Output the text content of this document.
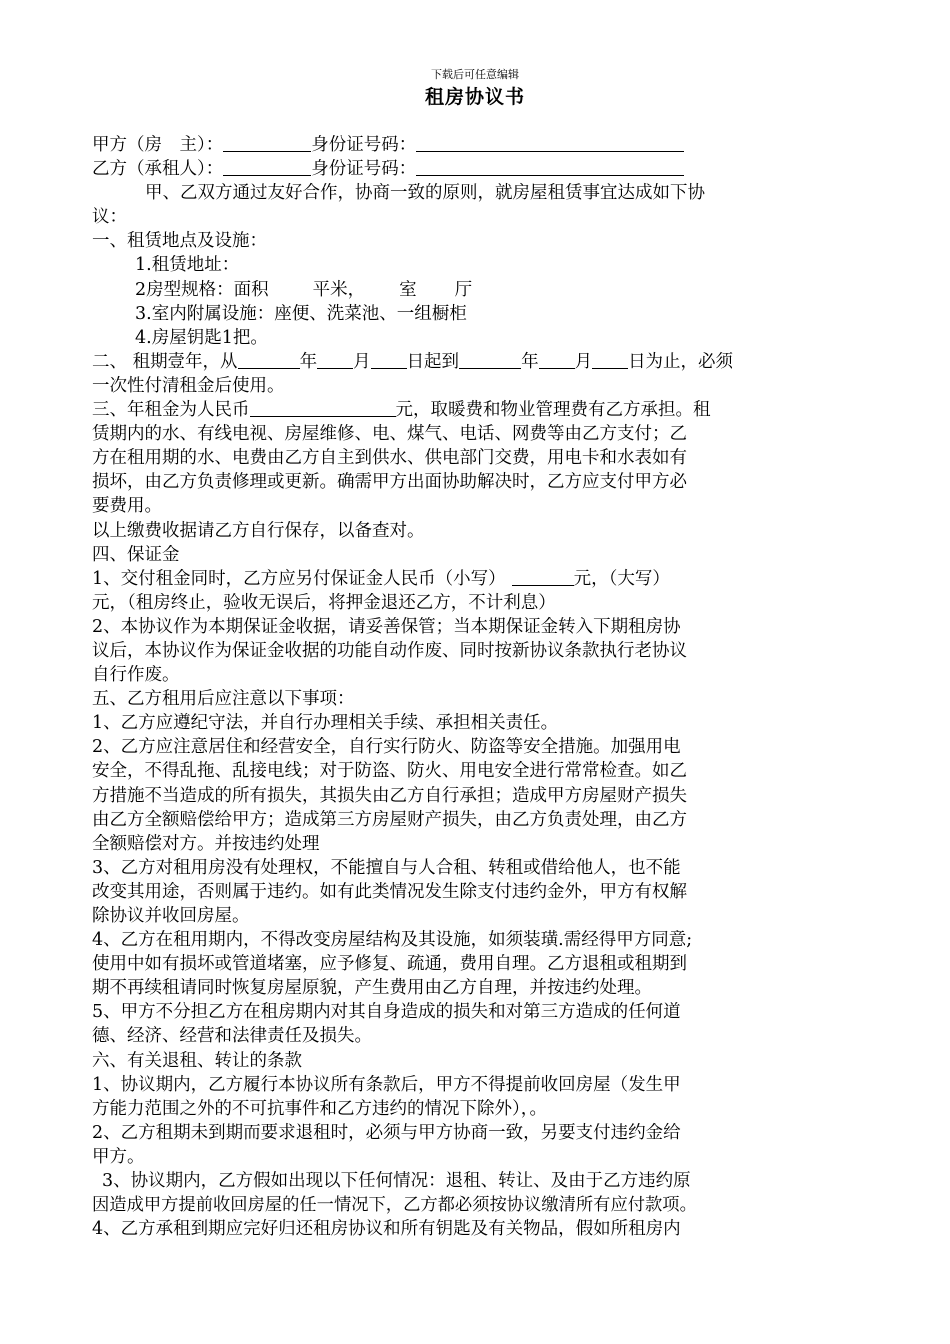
下载后可任意编辑
租房协议书

甲方（房　主）：	身份证号码：

乙方（承租人）：	身份证号码：

甲、乙双方通过友好合作，协商一致的原则，就房屋租赁事宜达成如下协

议：

一、租赁地点及设施：

1.租赁地址：

2房型规格：面积	平米， 室 厅

3.室内附属设施：座便、洗菜池、一组橱柜

4.房屋钥匙1把。

二、 租期壹年，从	年 月 日起到	年 月 日为止，必须

一次性付清租金后使用。

三、年租金为人民币	元，取暖费和物业管理费有乙方承担。租

赁期内的水、有线电视、房屋维修、电、煤气、电话、网费等由乙方支付；乙

方在租用期的水、电费由乙方自主到供水、供电部门交费，用电卡和水表如有

损坏，由乙方负责修理或更新。确需甲方出面协助解决时，乙方应支付甲方必

要费用。

以上缴费收据请乙方自行保存，以备查对。

四、保证金

1、交付租金同时，乙方应另付保证金人民币（小写）	元，（大写）

元，（租房终止，验收无误后，将押金退还乙方，不计利息）

2、本协议作为本期保证金收据，请妥善保管；当本期保证金转入下期租房协

议后，本协议作为保证金收据的功能自动作废、同时按新协议条款执行老协议

自行作废。

五、乙方租用后应注意以下事项：

1、乙方应遵纪守法，并自行办理相关手续、承担相关责任。

2、乙方应注意居住和经营安全，自行实行防火、防盗等安全措施。加强用电

安全，不得乱拖、乱接电线；对于防盗、防火、用电安全进行常常检查。如乙

方措施不当造成的所有损失，其损失由乙方自行承担；造成甲方房屋财产损失

由乙方全额赔偿给甲方；造成第三方房屋财产损失，由乙方负责处理，由乙方

全额赔偿对方。并按违约处理

3、乙方对租用房没有处理权，不能擅自与人合租、转租或借给他人，也不能

改变其用途，否则属于违约。如有此类情况发生除支付违约金外，甲方有权解

除协议并收回房屋。

4、乙方在租用期内，不得改变房屋结构及其设施，如须装璜.需经得甲方同意;

使用中如有损坏或管道堵塞，应予修复、疏通，费用自理。乙方退租或租期到

期不再续租请同时恢复房屋原貌，产生费用由乙方自理，并按违约处理。

5、甲方不分担乙方在租房期内对其自身造成的损失和对第三方造成的任何道

德、经济、经营和法律责任及损失。

六、有关退租、转让的条款

1、协议期内，乙方履行本协议所有条款后，甲方不得提前收回房屋（发生甲

方能力范围之外的不可抗事件和乙方违约的情况下除外），。

2、乙方租期未到期而要求退租时，必须与甲方协商一致，另要支付违约金给

甲方。

3、协议期内，乙方假如出现以下任何情况：退租、转让、及由于乙方违约原

因造成甲方提前收回房屋的任一情况下，乙方都必须按协议缴清所有应付款项。

4、乙方承租到期应完好归还租房协议和所有钥匙及有关物品，假如所租房内
